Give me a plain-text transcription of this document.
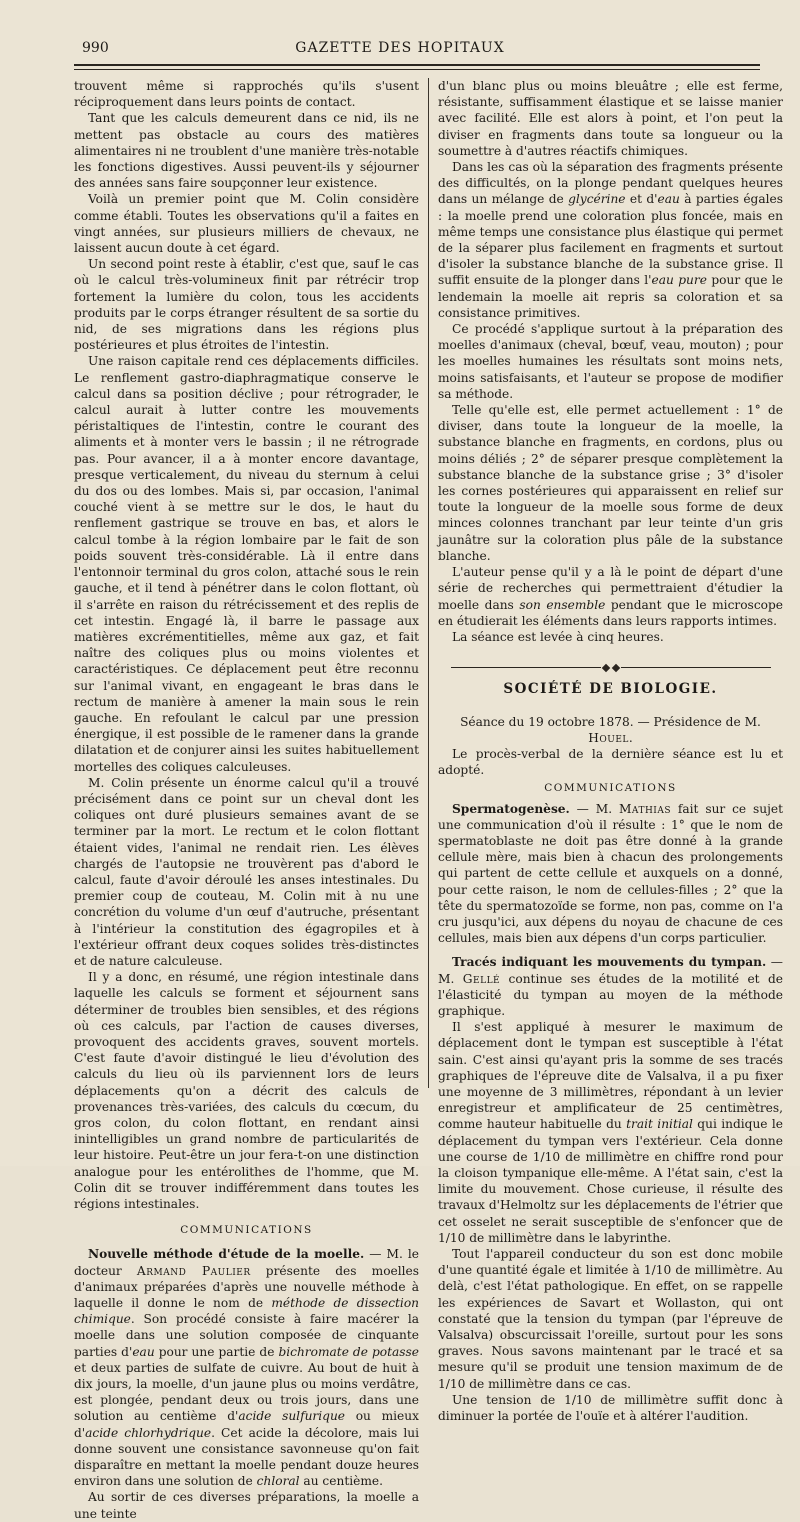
990	GAZETTE DES HOPITAUX

trouvent même si rapprochés qu'ils s'usent réciproquement dans leurs points de contact.

Tant que les calculs demeurent dans ce nid, ils ne mettent pas obstacle au cours des matières alimentaires ni ne troublent d'une manière très-notable les fonctions digestives. Aussi peuvent-ils y séjourner des années sans faire soupçonner leur existence.

Voilà un premier point que M. Colin considère comme établi. Toutes les observations qu'il a faites en vingt années, sur plusieurs milliers de chevaux, ne laissent aucun doute à cet égard.

Un second point reste à établir, c'est que, sauf le cas où le calcul très-volumineux finit par rétrécir trop fortement la lumière du colon, tous les accidents produits par le corps étranger résultent de sa sortie du nid, de ses migrations dans les régions plus postérieures et plus étroites de l'intestin.

Une raison capitale rend ces déplacements difficiles. Le renflement gastro-diaphragmatique conserve le calcul dans sa position déclive ; pour rétrograder, le calcul aurait à lutter contre les mouvements péristaltiques de l'intestin, contre le courant des aliments et à monter vers le bassin ; il ne rétrograde pas. Pour avancer, il a à monter encore davantage, presque verticalement, du niveau du sternum à celui du dos ou des lombes. Mais si, par occasion, l'animal couché vient à se mettre sur le dos, le haut du renflement gastrique se trouve en bas, et alors le calcul tombe à la région lombaire par le fait de son poids souvent très-considérable. Là il entre dans l'entonnoir terminal du gros colon, attaché sous le rein gauche, et il tend à pénétrer dans le colon flottant, où il s'arrête en raison du rétrécissement et des replis de cet intestin. Engagé là, il barre le passage aux matières excrémentitielles, même aux gaz, et fait naître des coliques plus ou moins violentes et caractéristiques. Ce déplacement peut être reconnu sur l'animal vivant, en engageant le bras dans le rectum de manière à amener la main sous le rein gauche. En refoulant le calcul par une pression énergique, il est possible de le ramener dans la grande dilatation et de conjurer ainsi les suites habituellement mortelles des coliques calculeuses.

M. Colin présente un énorme calcul qu'il a trouvé précisément dans ce point sur un cheval dont les coliques ont duré plusieurs semaines avant de se terminer par la mort. Le rectum et le colon flottant étaient vides, l'animal ne rendait rien. Les élèves chargés de l'autopsie ne trouvèrent pas d'abord le calcul, faute d'avoir déroulé les anses intestinales. Du premier coup de couteau, M. Colin mit à nu une concrétion du volume d'un œuf d'autruche, présentant à l'intérieur la constitution des égagropiles et à l'extérieur offrant deux coques solides très-distinctes et de nature calculeuse.

Il y a donc, en résumé, une région intestinale dans laquelle les calculs se forment et séjournent sans déterminer de troubles bien sensibles, et des régions où ces calculs, par l'action de causes diverses, provoquent des accidents graves, souvent mortels. C'est faute d'avoir distingué le lieu d'évolution des calculs du lieu où ils parviennent lors de leurs déplacements qu'on a décrit des calculs de provenances très-variées, des calculs du cœcum, du gros colon, du colon flottant, en rendant ainsi inintelligibles un grand nombre de particularités de leur histoire. Peut-être un jour fera-t-on une distinction analogue pour les entérolithes de l'homme, que M. Colin dit se trouver indifféremment dans toutes les régions intestinales.

COMMUNICATIONS

Nouvelle méthode d'étude de la moelle. — M. le docteur Armand Paulier présente des moelles d'animaux préparées d'après une nouvelle méthode à laquelle il donne le nom de méthode de dissection chimique. Son procédé consiste à faire macérer la moelle dans une solution composée de cinquante parties d'eau pour une partie de bichromate de potasse et deux parties de sulfate de cuivre. Au bout de huit à dix jours, la moelle, d'un jaune plus ou moins verdâtre, est plongée, pendant deux ou trois jours, dans une solution au centième d'acide sulfurique ou mieux d'acide chlorhydrique. Cet acide la décolore, mais lui donne souvent une consistance savonneuse qu'on fait disparaître en mettant la moelle pendant douze heures environ dans une solution de chloral au centième.

Au sortir de ces diverses préparations, la moelle a une teinte

d'un blanc plus ou moins bleuâtre ; elle est ferme, résistante, suffisamment élastique et se laisse manier avec facilité. Elle est alors à point, et l'on peut la diviser en fragments dans toute sa longueur ou la soumettre à d'autres réactifs chimiques.

Dans les cas où la séparation des fragments présente des difficultés, on la plonge pendant quelques heures dans un mélange de glycérine et d'eau à parties égales : la moelle prend une coloration plus foncée, mais en même temps une consistance plus élastique qui permet de la séparer plus facilement en fragments et surtout d'isoler la substance blanche de la substance grise. Il suffit ensuite de la plonger dans l'eau pure pour que le lendemain la moelle ait repris sa coloration et sa consistance primitives.

Ce procédé s'applique surtout à la préparation des moelles d'animaux (cheval, bœuf, veau, mouton) ; pour les moelles humaines les résultats sont moins nets, moins satisfaisants, et l'auteur se propose de modifier sa méthode.

Telle qu'elle est, elle permet actuellement : 1° de diviser, dans toute la longueur de la moelle, la substance blanche en fragments, en cordons, plus ou moins déliés ; 2° de séparer presque complètement la substance blanche de la substance grise ; 3° d'isoler les cornes postérieures qui apparaissent en relief sur toute la longueur de la moelle sous forme de deux minces colonnes tranchant par leur teinte d'un gris jaunâtre sur la coloration plus pâle de la substance blanche.

L'auteur pense qu'il y a là le point de départ d'une série de recherches qui permettraient d'étudier la moelle dans son ensemble pendant que le microscope en étudierait les éléments dans leurs rapports intimes.

La séance est levée à cinq heures.

SOCIÉTÉ DE BIOLOGIE.

Séance du 19 octobre 1878. — Présidence de M. Houel.

Le procès-verbal de la dernière séance est lu et adopté.

COMMUNICATIONS

Spermatogenèse. — M. Mathias fait sur ce sujet une communication d'où il résulte : 1° que le nom de spermatoblaste ne doit pas être donné à la grande cellule mère, mais bien à chacun des prolongements qui partent de cette cellule et auxquels on a donné, pour cette raison, le nom de cellules-filles ; 2° que la tête du spermatozoïde se forme, non pas, comme on l'a cru jusqu'ici, aux dépens du noyau de chacune de ces cellules, mais bien aux dépens d'un corps particulier.

Tracés indiquant les mouvements du tympan. — M. Gellé continue ses études de la motilité et de l'élasticité du tympan au moyen de la méthode graphique.

Il s'est appliqué à mesurer le maximum de déplacement dont le tympan est susceptible à l'état sain. C'est ainsi qu'ayant pris la somme de ses tracés graphiques de l'épreuve dite de Valsalva, il a pu fixer une moyenne de 3 millimètres, répondant à un levier enregistreur et amplificateur de 25 centimètres, comme hauteur habituelle du trait initial qui indique le déplacement du tympan vers l'extérieur. Cela donne une course de 1/10 de millimètre en chiffre rond pour la cloison tympanique elle-même. A l'état sain, c'est la limite du mouvement. Chose curieuse, il résulte des travaux d'Helmoltz sur les déplacements de l'étrier que cet osselet ne serait susceptible de s'enfoncer que de 1/10 de millimètre dans le labyrinthe.

Tout l'appareil conducteur du son est donc mobile d'une quantité égale et limitée à 1/10 de millimètre. Au delà, c'est l'état pathologique. En effet, on se rappelle les expériences de Savart et Wollaston, qui ont constaté que la tension du tympan (par l'épreuve de Valsalva) obscurcissait l'oreille, surtout pour les sons graves. Nous savons maintenant par le tracé et sa mesure qu'il se produit une tension maximum de de 1/10 de millimètre dans ce cas.

Une tension de 1/10 de millimètre suffit donc à diminuer la portée de l'ouïe et à altérer l'audition.
